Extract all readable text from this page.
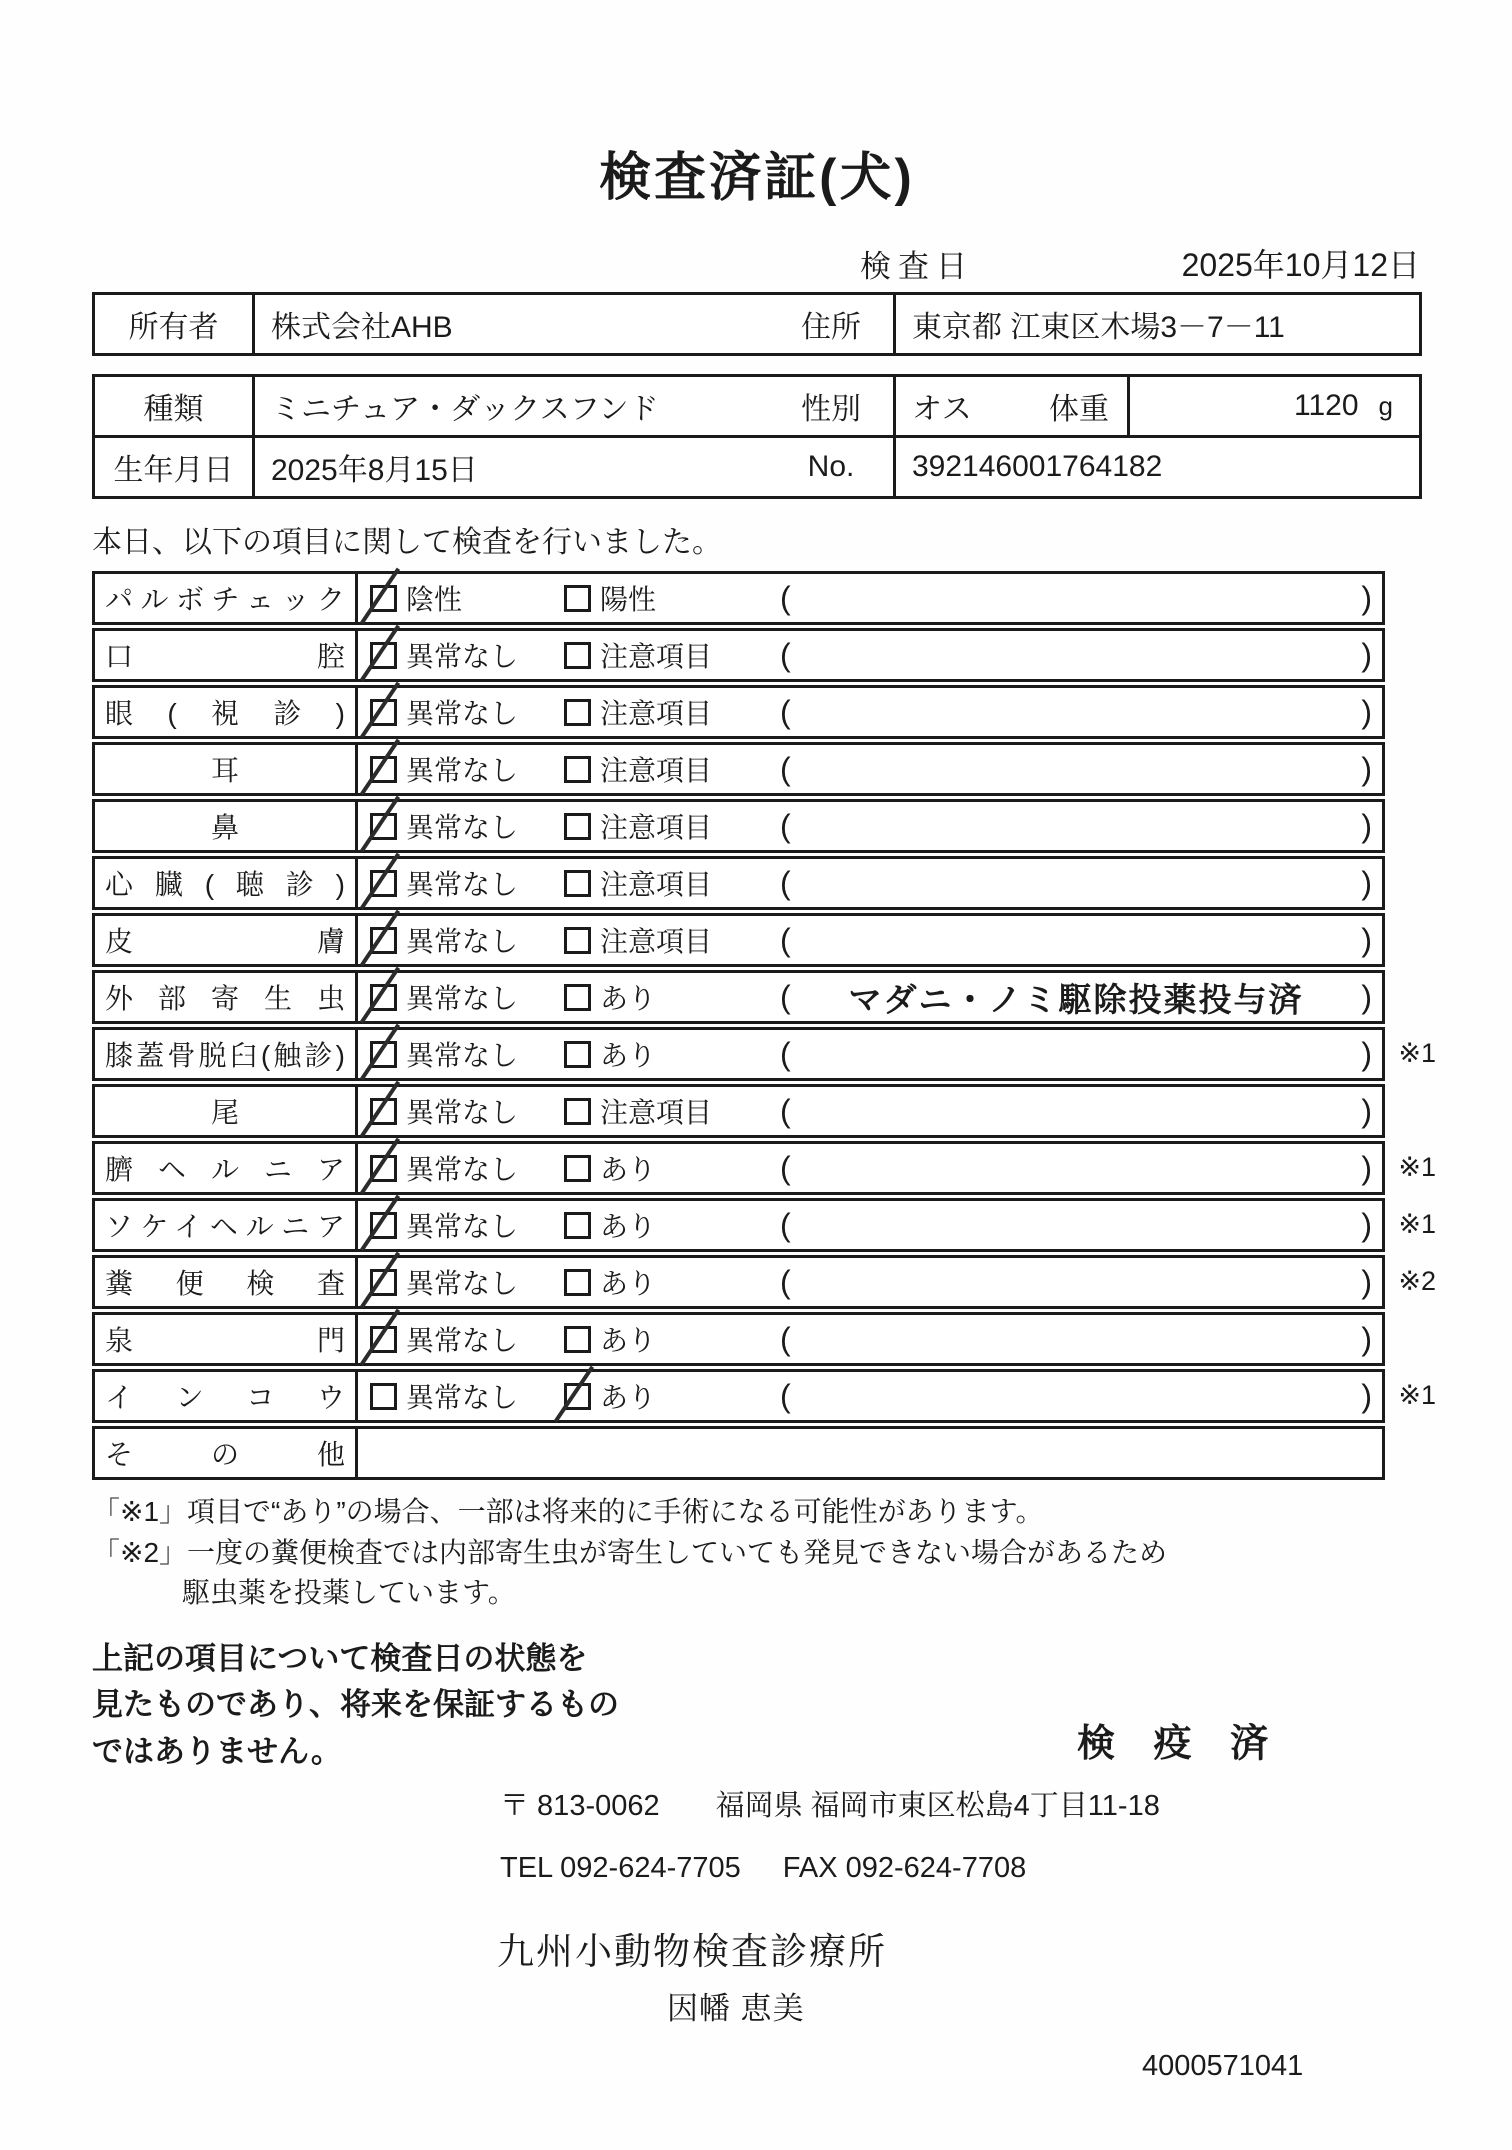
検査済証(犬)
検査日	2025年10月12日
所有者	株式会社AHB	住所	東京都 江東区木場3－7－11
種類	ミニチュア・ダックスフンド	性別	オス	体重	1120 g
生年月日	2025年8月15日	No.	392146001764182
本日、以下の項目に関して検査を行いました。
パルボチェック 陰性	陽性	(	)
口腔 異常なし	注意項目 (	)
眼(視診) 異常なし	注意項目 (	)
耳	異常なし	注意項目 (	)
鼻	異常なし	注意項目 (	)
心臓(聴診) 異常なし	注意項目 (	)
皮膚 異常なし	注意項目 (	)
外部寄生虫 異常なし	あり	(	マダニ・ノミ駆除投薬投与済	)
膝蓋骨脱臼(触診) 異常なし	あり	(	) ※1
尾	異常なし	注意項目 (	)
臍ヘルニア 異常なし	あり	(	) ※1
ソケイヘルニア 異常なし	あり	(	) ※1
糞便検査 異常なし	あり	(	) ※2
泉門 異常なし	あり	(	)
インコウ 異常なし	あり	(	) ※1
その他
「※1」項目で“あり”の場合、一部は将来的に手術になる可能性があります。
「※2」一度の糞便検査では内部寄生虫が寄生していても発見できない場合があるため
駆虫薬を投薬しています。
上記の項目について検査日の状態を
見たものであり、将来を保証するもの
ではありません。	検 疫 済
〒 813-0062 福岡県 福岡市東区松島4丁目11-18
TEL 092-624-7705 FAX 092-624-7708
九州小動物検査診療所
因幡 恵美
4000571041
